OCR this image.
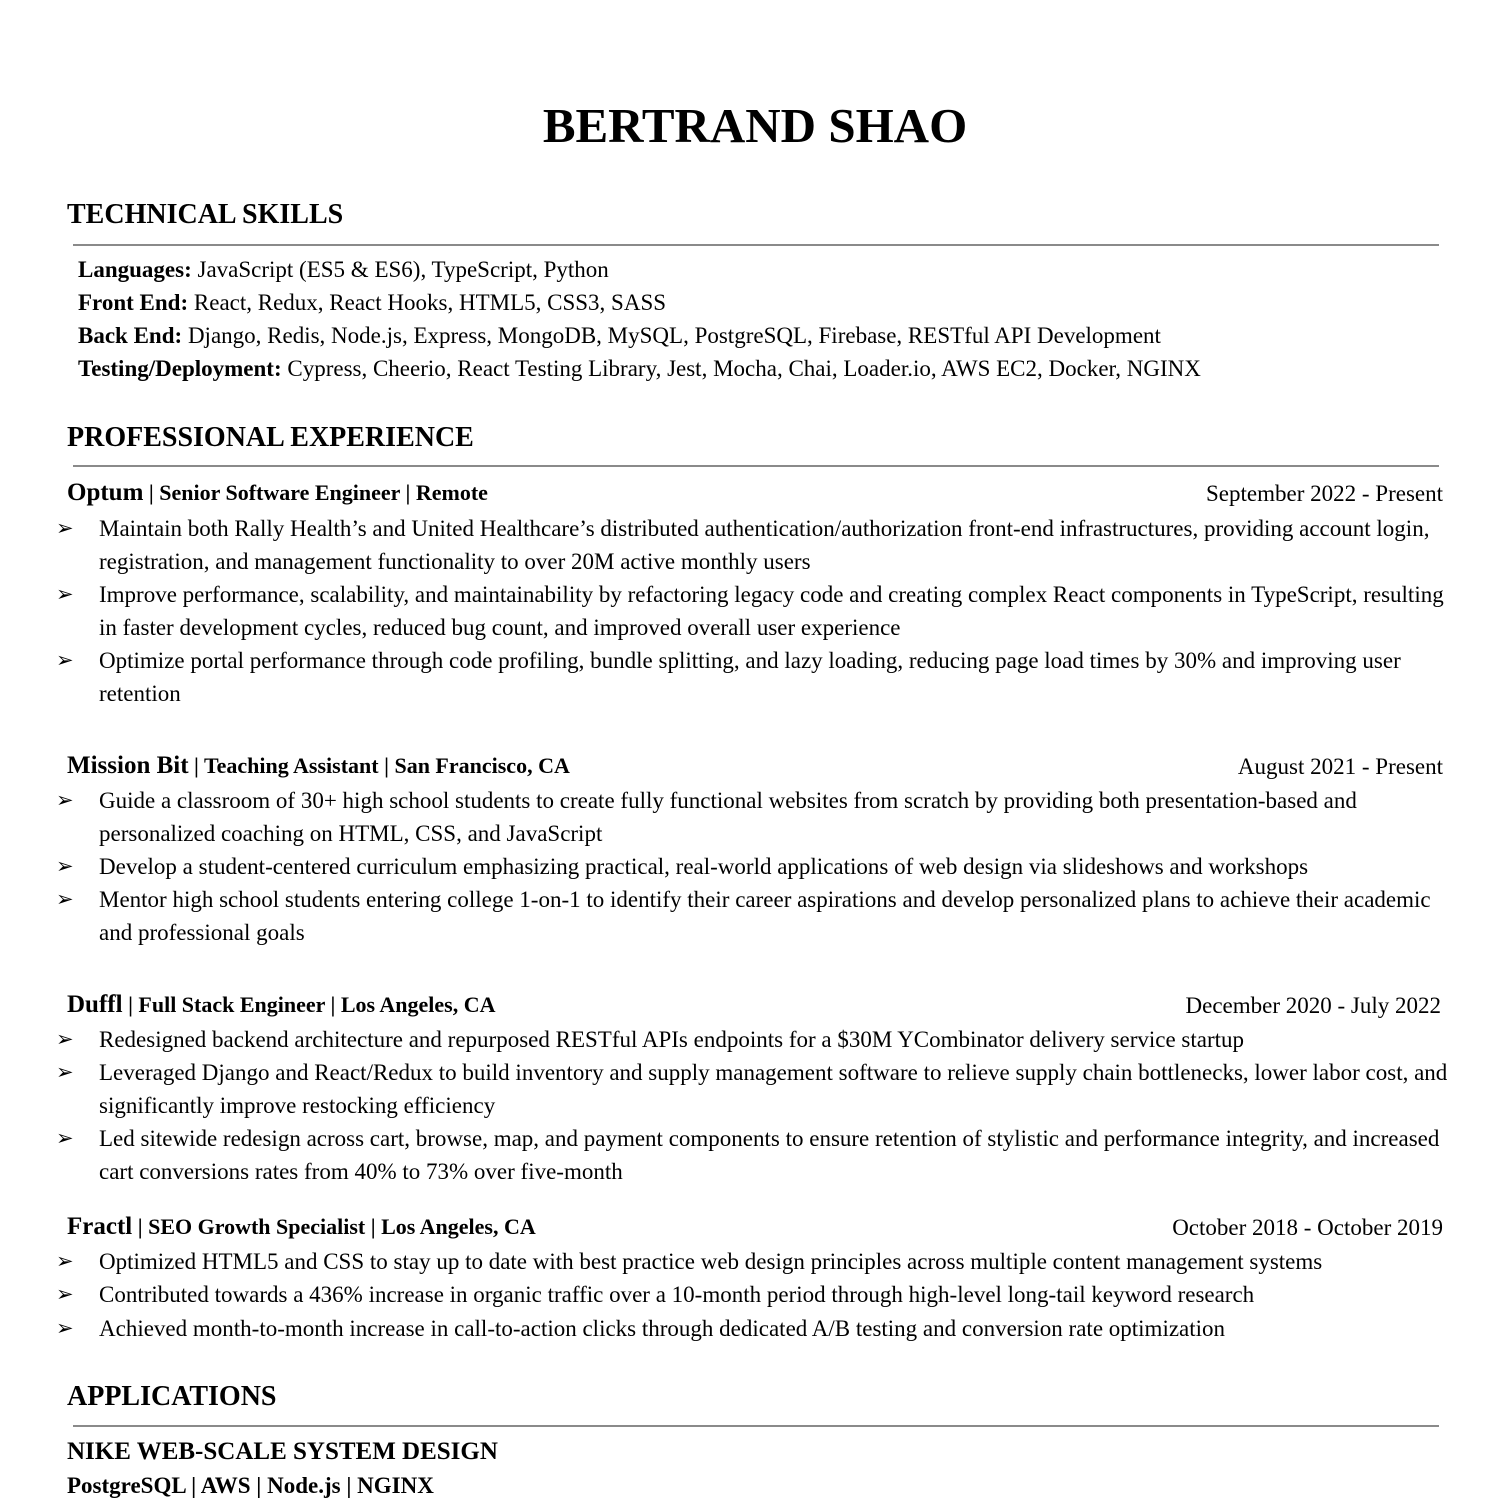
BERTRAND SHAO
TECHNICAL SKILLS
Languages: JavaScript (ES5 & ES6), TypeScript, Python
Front End: React, Redux, React Hooks, HTML5, CSS3, SASS
Back End: Django, Redis, Node.js, Express, MongoDB, MySQL, PostgreSQL, Firebase, RESTful API Development
Testing/Deployment: Cypress, Cheerio, React Testing Library, Jest, Mocha, Chai, Loader.io, AWS EC2, Docker, NGINX
PROFESSIONAL EXPERIENCE
Optum | Senior Software Engineer | Remote	September 2022 - Present
➢ Maintain both Rally Health’s and United Healthcare’s distributed authentication/authorization front-end infrastructures, providing account login, registration, and management functionality to over 20M active monthly users
➢ Improve performance, scalability, and maintainability by refactoring legacy code and creating complex React components in TypeScript, resulting in faster development cycles, reduced bug count, and improved overall user experience
➢ Optimize portal performance through code profiling, bundle splitting, and lazy loading, reducing page load times by 30% and improving user retention
Mission Bit | Teaching Assistant | San Francisco, CA	August 2021 - Present
➢ Guide a classroom of 30+ high school students to create fully functional websites from scratch by providing both presentation-based and personalized coaching on HTML, CSS, and JavaScript
➢ Develop a student-centered curriculum emphasizing practical, real-world applications of web design via slideshows and workshops
➢ Mentor high school students entering college 1-on-1 to identify their career aspirations and develop personalized plans to achieve their academic and professional goals
Duffl | Full Stack Engineer | Los Angeles, CA	December 2020 - July 2022
➢ Redesigned backend architecture and repurposed RESTful APIs endpoints for a $30M YCombinator delivery service startup
➢ Leveraged Django and React/Redux to build inventory and supply management software to relieve supply chain bottlenecks, lower labor cost, and significantly improve restocking efficiency
➢ Led sitewide redesign across cart, browse, map, and payment components to ensure retention of stylistic and performance integrity, and increased cart conversions rates from 40% to 73% over five-month
Fractl | SEO Growth Specialist | Los Angeles, CA	October 2018 - October 2019
➢ Optimized HTML5 and CSS to stay up to date with best practice web design principles across multiple content management systems
➢ Contributed towards a 436% increase in organic traffic over a 10-month period through high-level long-tail keyword research
➢ Achieved month-to-month increase in call-to-action clicks through dedicated A/B testing and conversion rate optimization
APPLICATIONS
NIKE WEB-SCALE SYSTEM DESIGN
PostgreSQL | AWS | Node.js | NGINX
